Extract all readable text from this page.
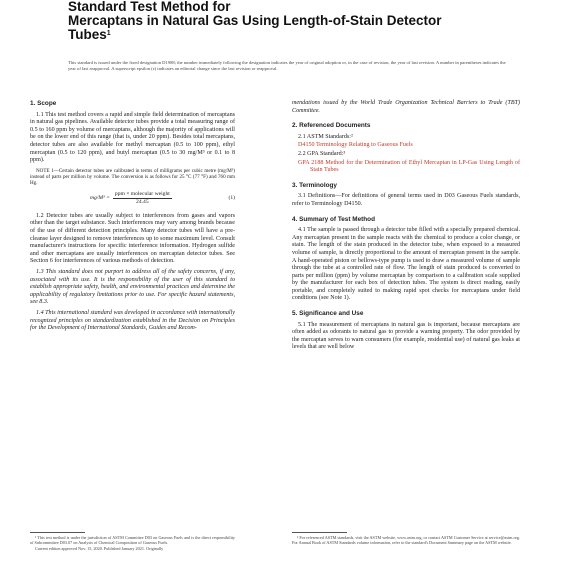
Standard Test Method for
Mercaptans in Natural Gas Using Length-of-Stain Detector
Tubes$^1$
This standard is issued under the fixed designation D1988; the number immediately following the designation indicates the year of original adoption or, in the case of revision, the year of last revision. A number in parentheses indicates the year of last reapproval. A superscript epsilon (ε) indicates an editorial change since the last revision or reapproval.
1. Scope

1.1 This test method covers a rapid and simple field determination of mercaptans in natural gas pipelines. Available detector tubes provide a total measuring range of 0.5 to 160 ppm by volume of mercaptans, although the majority of applications will be on the lower end of this range (that is, under 20 ppm). Besides total mercaptans, detector tubes are also available for methyl mercaptan (0.5 to 100 ppm), ethyl mercaptan (0.5 to 120 ppm), and butyl mercaptan (0.5 to 30 mg/M³ or 0.1 to 8 ppm).

NOTE 1—Certain detector tubes are calibrated in terms of milligrams per cubic metre (mg/M³) instead of parts per million by volume. The conversion is as follows for 25 °C (77 °F) and 760 mm Hg.
$mg/M^3 = \frac{\text{ppm × molecular weight}}{24.45}$	(1)

1.2 Detector tubes are usually subject to interferences from gases and vapors other than the target substance. Such interferences may vary among brands because of the use of different detection principles. Many detector tubes will have a pre-cleanse layer designed to remove interferences up to some maximum level. Consult manufacturer's instructions for specific interference information. Hydrogen sulfide and other mercaptans are usually interferences on mercaptan detector tubes. See Section 6 for interferences of various methods of detection.

1.3 This standard does not purport to address all of the safety concerns, if any, associated with its use. It is the responsibility of the user of this standard to establish appropriate safety, health, and environmental practices and determine the applicability of regulatory limitations prior to use. For specific hazard statements, see 8.3.

1.4 This international standard was developed in accordance with internationally recognized principles on standardization established in the Decision on Principles for the Development of International Standards, Guides and Recom-

mendations issued by the World Trade Organization Technical Barriers to Trade (TBT) Committee.

2. Referenced Documents
2.1 ASTM Standards:²
D4150 Terminology Relating to Gaseous Fuels
2.2 GPA Standard:³
GPA 2188 Method for the Determination of Ethyl Mercaptan in LP-Gas Using Length of Stain Tubes
3. Terminology

3.1 Definitions—For definitions of general terms used in D03 Gaseous Fuels standards, refer to Terminology D4150.

4. Summary of Test Method

4.1 The sample is passed through a detector tube filled with a specially prepared chemical. Any mercaptan present in the sample reacts with the chemical to produce a color change, or stain. The length of the stain produced in the detector tube, when exposed to a measured volume of sample, is directly proportional to the amount of mercaptan present in the sample. A hand-operated piston or bellows-type pump is used to draw a measured volume of sample through the tube at a controlled rate of flow. The length of stain produced is converted to parts per million (ppm) by volume mercaptan by comparison to a calibration scale supplied by the manufacturer for each box of detection tubes. The system is direct reading, easily portable, and completely suited to making rapid spot checks for mercaptans under field conditions (see Note 1).

5. Significance and Use

5.1 The measurement of mercaptans in natural gas is important, because mercaptans are often added as odorants to natural gas to provide a warning property. The odor provided by the mercaptan serves to warn consumers (for example, residential use) of natural gas leaks at levels that are well below

¹ This test method is under the jurisdiction of ASTM Committee D03 on Gaseous Fuels and is the direct responsibility of Subcommittee D03.07 on Analysis of Chemical Composition of Gaseous Fuels.
Current edition approved Nov. 15, 2020. Published January 2021. Originally
² For referenced ASTM standards, visit the ASTM website, www.astm.org, or contact ASTM Customer Service at service@astm.org. For Annual Book of ASTM Standards volume information, refer to the standard's Document Summary page on the ASTM website.
